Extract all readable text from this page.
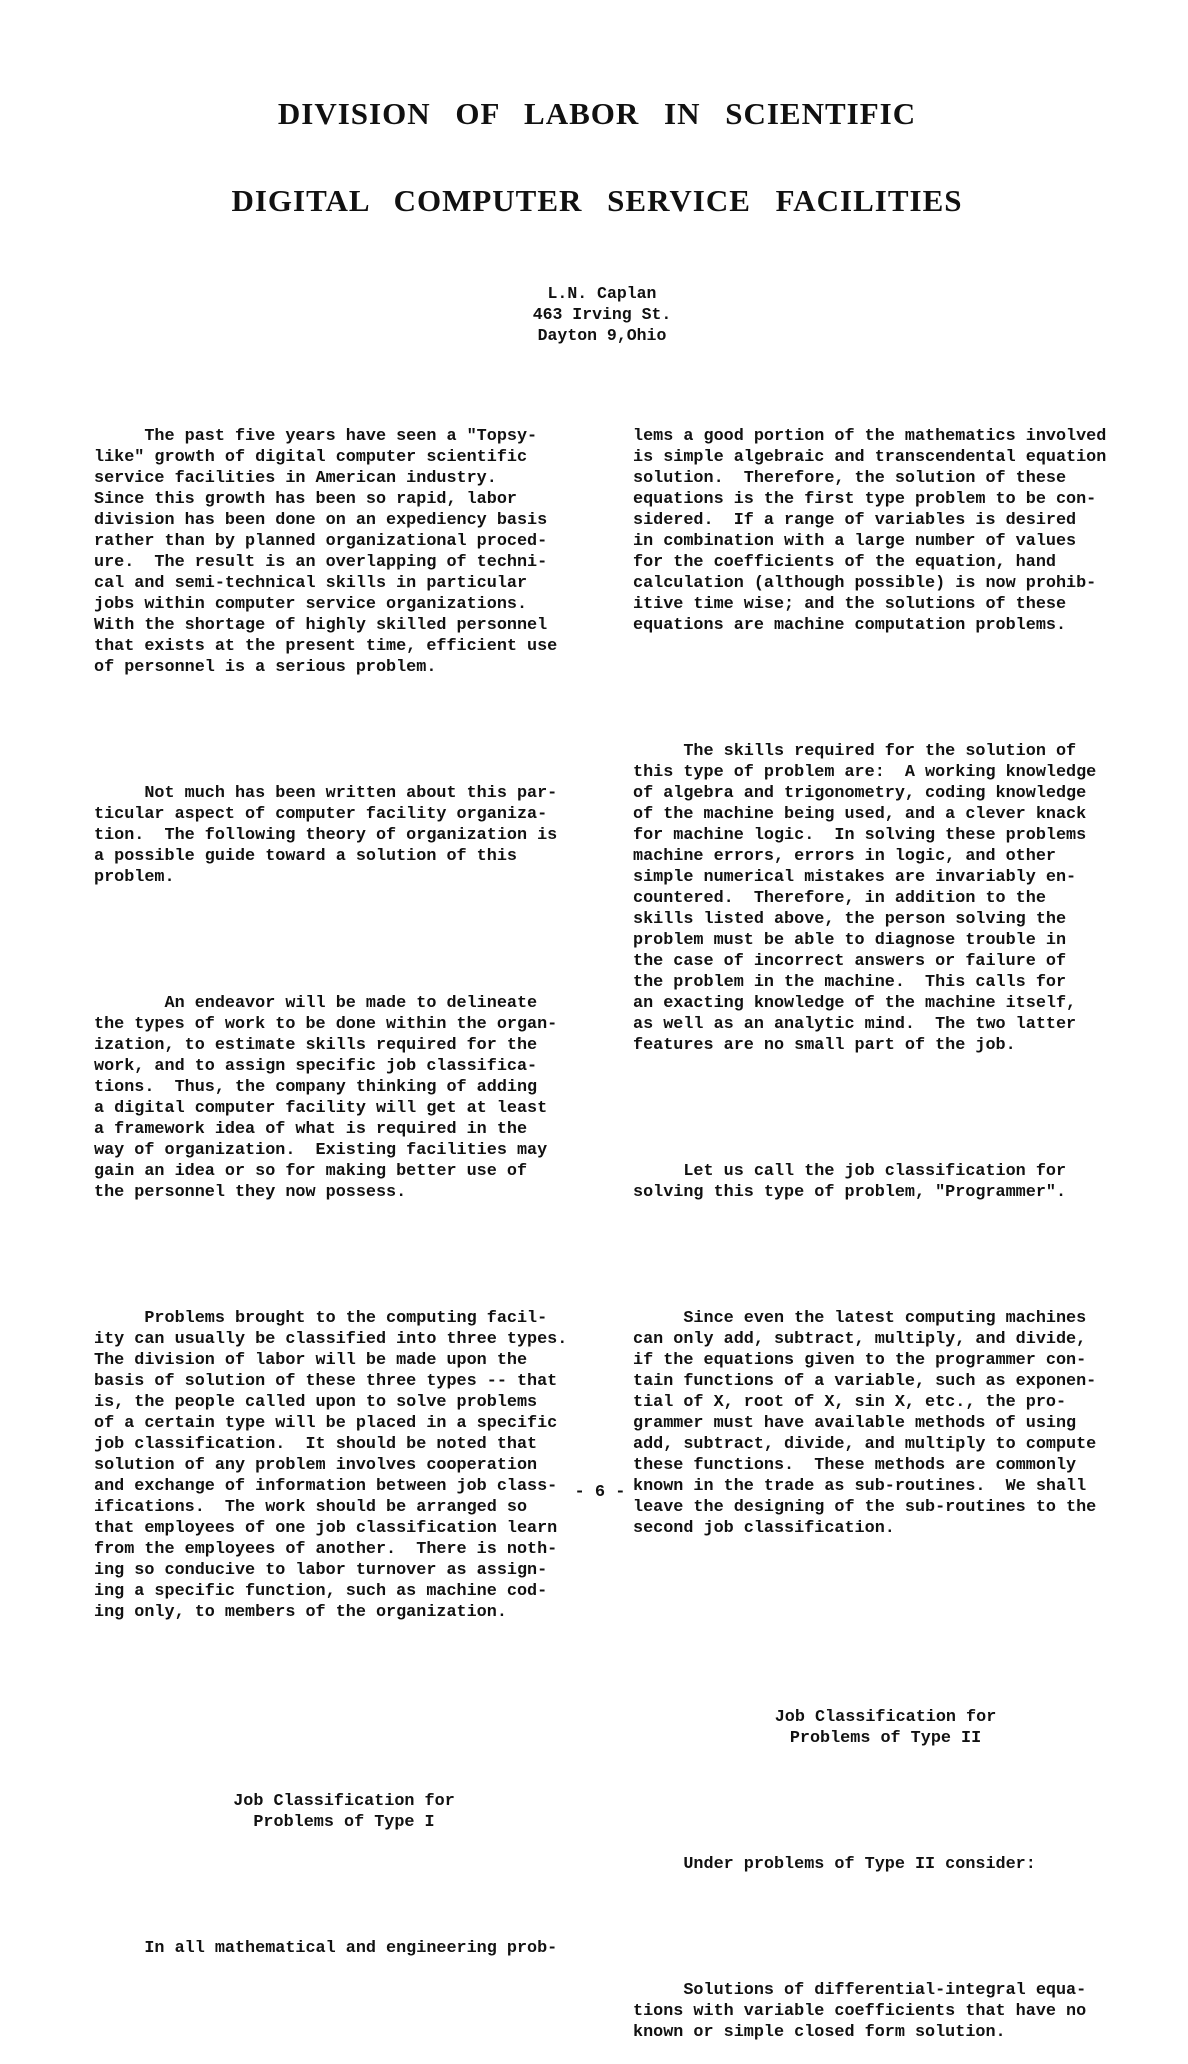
DIVISION OF LABOR IN SCIENTIFIC
DIGITAL COMPUTER SERVICE FACILITIES
L.N. Caplan
463 Irving St.
Dayton 9,Ohio

The past five years have seen a "Topsy-
like" growth of digital computer scientific
service facilities in American industry.
Since this growth has been so rapid, labor
division has been done on an expediency basis
rather than by planned organizational proced-
ure.  The result is an overlapping of techni-
cal and semi-technical skills in particular
jobs within computer service organizations.
With the shortage of highly skilled personnel
that exists at the present time, efficient use
of personnel is a serious problem.

Not much has been written about this par-
ticular aspect of computer facility organiza-
tion.  The following theory of organization is
a possible guide toward a solution of this
problem.

An endeavor will be made to delineate
the types of work to be done within the organ-
ization, to estimate skills required for the
work, and to assign specific job classifica-
tions.  Thus, the company thinking of adding
a digital computer facility will get at least
a framework idea of what is required in the
way of organization.  Existing facilities may
gain an idea or so for making better use of
the personnel they now possess.

Problems brought to the computing facil-
ity can usually be classified into three types.
The division of labor will be made upon the
basis of solution of these three types -- that
is, the people called upon to solve problems
of a certain type will be placed in a specific
job classification.  It should be noted that
solution of any problem involves cooperation
and exchange of information between job class-
ifications.  The work should be arranged so
that employees of one job classification learn
from the employees of another.  There is noth-
ing so conducive to labor turnover as assign-
ing a specific function, such as machine cod-
ing only, to members of the organization.

Job Classification for
Problems of Type I

In all mathematical and engineering prob-

lems a good portion of the mathematics involved
is simple algebraic and transcendental equation
solution.  Therefore, the solution of these
equations is the first type problem to be con-
sidered.  If a range of variables is desired
in combination with a large number of values
for the coefficients of the equation, hand
calculation (although possible) is now prohib-
itive time wise; and the solutions of these
equations are machine computation problems.

The skills required for the solution of
this type of problem are:  A working knowledge
of algebra and trigonometry, coding knowledge
of the machine being used, and a clever knack
for machine logic.  In solving these problems
machine errors, errors in logic, and other
simple numerical mistakes are invariably en-
countered.  Therefore, in addition to the
skills listed above, the person solving the
problem must be able to diagnose trouble in
the case of incorrect answers or failure of
the problem in the machine.  This calls for
an exacting knowledge of the machine itself,
as well as an analytic mind.  The two latter
features are no small part of the job.

Let us call the job classification for
solving this type of problem, "Programmer".

Since even the latest computing machines
can only add, subtract, multiply, and divide,
if the equations given to the programmer con-
tain functions of a variable, such as exponen-
tial of X, root of X, sin X, etc., the pro-
grammer must have available methods of using
add, subtract, divide, and multiply to compute
these functions.  These methods are commonly
known in the trade as sub-routines.  We shall
leave the designing of the sub-routines to the
second job classification.

Job Classification for
Problems of Type II

Under problems of Type II consider:

Solutions of differential-integral equa-
tions with variable coefficients that have no
known or simple closed form solution.

- 6 -
